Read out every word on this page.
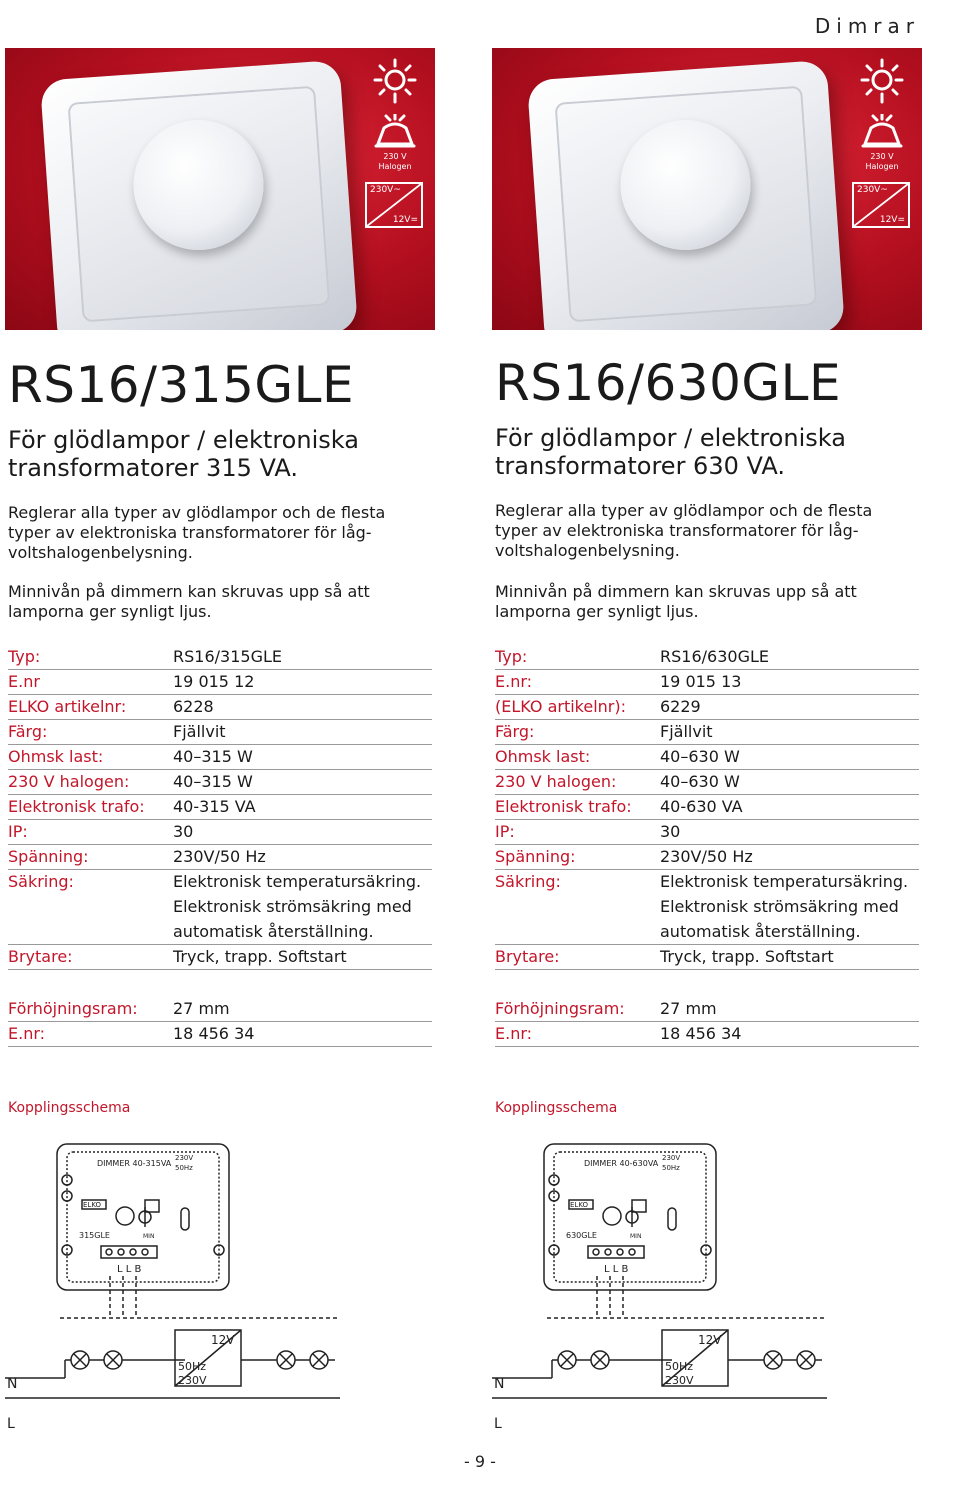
Dimrar
230 V
Halogen
230V~
12V=
RS16/315GLE
För glödlampor / elektroniska transformatorer 315 VA.
Reglerar alla typer av glödlampor och de flesta typer av elektroniska transformatorer för låg-voltshalogenbelysning.
Minnivån på dimmern kan skruvas upp så att lamporna ger synligt ljus.
Typ:	RS16/315GLE
E.nr	19 015 12
ELKO artikelnr:	6228
Färg:	Fjällvit
Ohmsk last:	40–315 W
230 V halogen:	40–315 W
Elektronisk trafo:	40-315 VA
IP:	30
Spänning:	230V/50 Hz
Säkring:	Elektronisk temperatursäkring.
Elektronisk strömsäkring med
automatisk återställning.
Brytare:	Tryck, trapp. Softstart
Förhöjningsram:	27 mm
E.nr:	18 456 34
Kopplingsschema
DIMMER 40-315VA
230V
50Hz
ELKO
315GLE	MIN
L L B
12V
50Hz
230V
N
L
230 V
Halogen
230V~
12V=
RS16/630GLE
För glödlampor / elektroniska transformatorer 630 VA.
Reglerar alla typer av glödlampor och de flesta typer av elektroniska transformatorer för låg-voltshalogenbelysning.
Minnivån på dimmern kan skruvas upp så att lamporna ger synligt ljus.
Typ:	RS16/630GLE
E.nr:	19 015 13
(ELKO artikelnr):	6229
Färg:	Fjällvit
Ohmsk last:	40–630 W
230 V halogen:	40–630 W
Elektronisk trafo:	40-630 VA
IP:	30
Spänning:	230V/50 Hz
Säkring:	Elektronisk temperatursäkring.
Elektronisk strömsäkring med
automatisk återställning.
Brytare:	Tryck, trapp. Softstart
Förhöjningsram:	27 mm
E.nr:	18 456 34
Kopplingsschema
DIMMER 40-630VA
230V
50Hz
ELKO
630GLE	MIN
L L B
12V
50Hz
230V
N
L
- 9 -
